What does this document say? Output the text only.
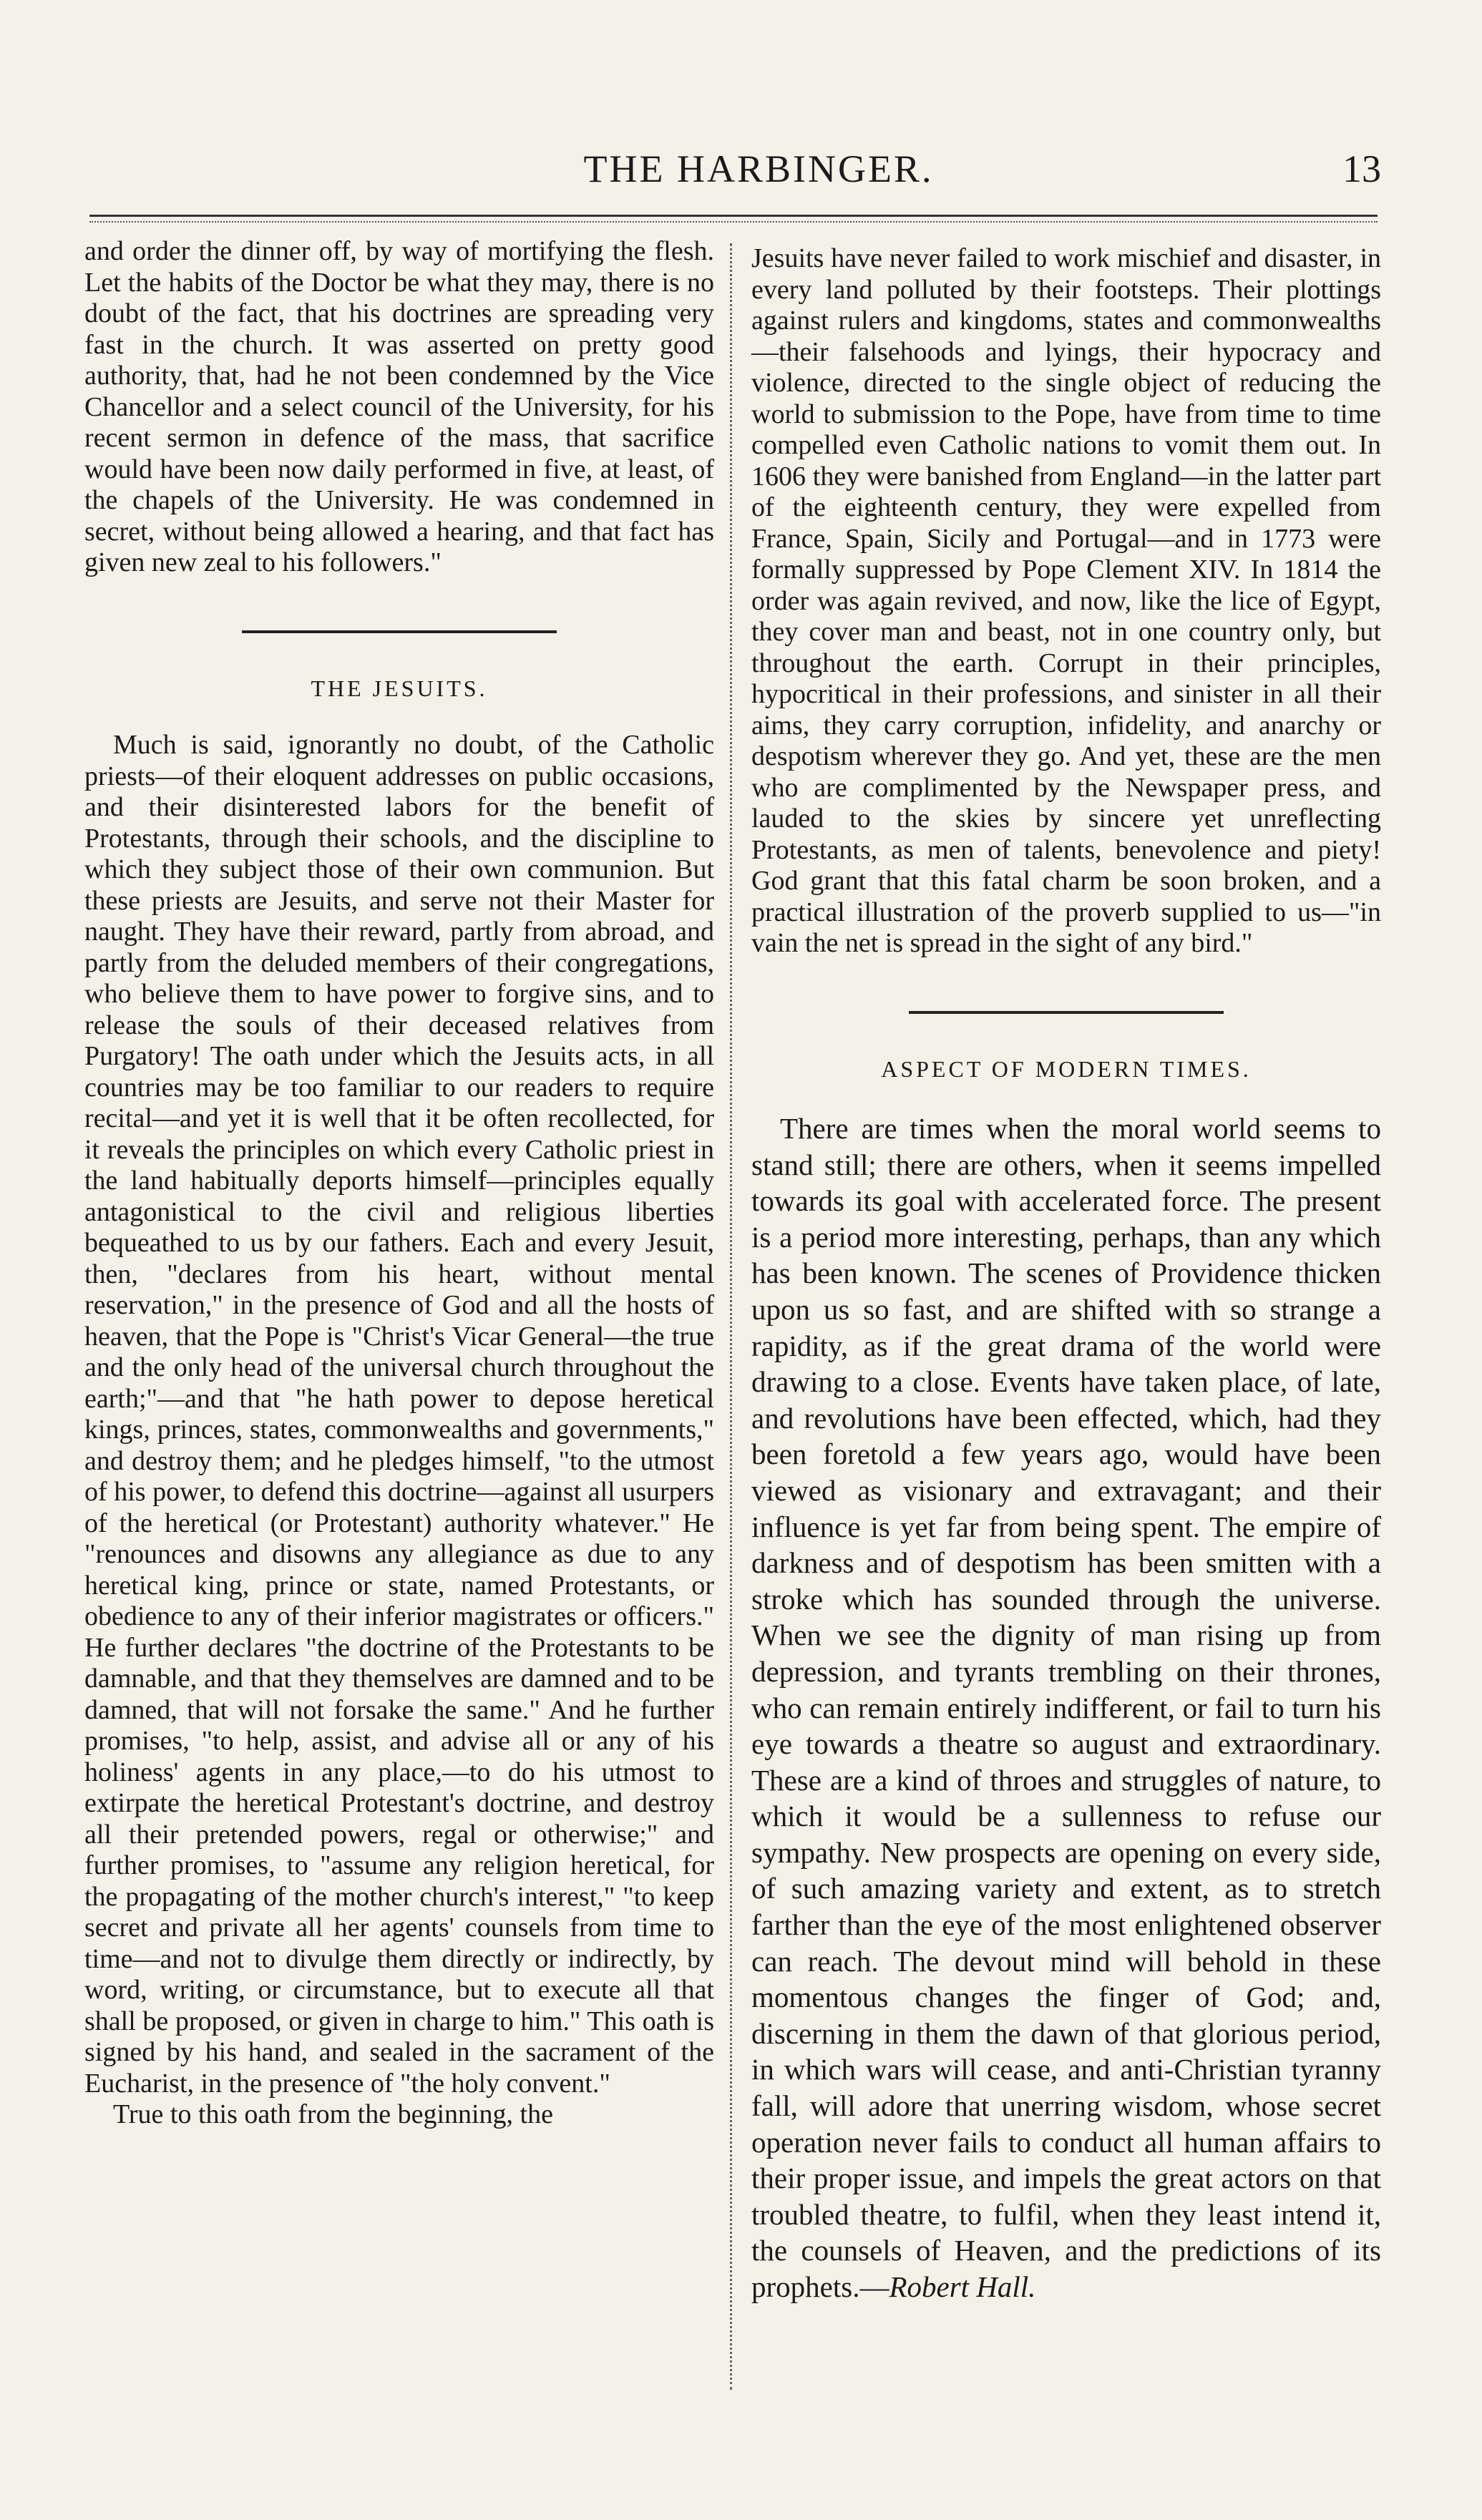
THE HARBINGER.	13

and order the dinner off, by way of mortifying the flesh. Let the habits of the Doctor be what they may, there is no doubt of the fact, that his doctrines are spreading very fast in the church. It was asserted on pretty good authority, that, had he not been condemned by the Vice Chancellor and a select council of the University, for his recent sermon in defence of the mass, that sacrifice would have been now daily performed in five, at least, of the chapels of the University. He was condemned in secret, without being allowed a hearing, and that fact has given new zeal to his followers."

THE JESUITS.

Much is said, ignorantly no doubt, of the Catholic priests—of their eloquent addresses on public occasions, and their disinterested labors for the benefit of Protestants, through their schools, and the discipline to which they subject those of their own communion. But these priests are Jesuits, and serve not their Master for naught. They have their reward, partly from abroad, and partly from the deluded members of their congregations, who believe them to have power to forgive sins, and to release the souls of their deceased relatives from Purgatory! The oath under which the Jesuits acts, in all countries may be too familiar to our readers to require recital—and yet it is well that it be often recollected, for it reveals the principles on which every Catholic priest in the land habitually deports himself—principles equally antagonistical to the civil and religious liberties bequeathed to us by our fathers. Each and every Jesuit, then, "declares from his heart, without mental reservation," in the presence of God and all the hosts of heaven, that the Pope is "Christ's Vicar General—the true and the only head of the universal church throughout the earth;"—and that "he hath power to depose heretical kings, princes, states, commonwealths and governments," and destroy them; and he pledges himself, "to the utmost of his power, to defend this doctrine—against all usurpers of the heretical (or Protestant) authority whatever." He "renounces and disowns any allegiance as due to any heretical king, prince or state, named Protestants, or obedience to any of their inferior magistrates or officers." He further declares "the doctrine of the Protestants to be damnable, and that they themselves are damned and to be damned, that will not forsake the same." And he further promises, "to help, assist, and advise all or any of his holiness' agents in any place,—to do his utmost to extirpate the heretical Protestant's doctrine, and destroy all their pretended powers, regal or otherwise;" and further promises, to "assume any religion heretical, for the propagating of the mother church's interest," "to keep secret and private all her agents' counsels from time to time—and not to divulge them directly or indirectly, by word, writing, or circumstance, but to execute all that shall be proposed, or given in charge to him." This oath is signed by his hand, and sealed in the sacrament of the Eucharist, in the presence of "the holy convent."

True to this oath from the beginning, the

Jesuits have never failed to work mischief and disaster, in every land polluted by their footsteps. Their plottings against rulers and kingdoms, states and commonwealths—their falsehoods and lyings, their hypocracy and violence, directed to the single object of reducing the world to submission to the Pope, have from time to time compelled even Catholic nations to vomit them out. In 1606 they were banished from England—in the latter part of the eighteenth century, they were expelled from France, Spain, Sicily and Portugal—and in 1773 were formally suppressed by Pope Clement XIV. In 1814 the order was again revived, and now, like the lice of Egypt, they cover man and beast, not in one country only, but throughout the earth. Corrupt in their principles, hypocritical in their professions, and sinister in all their aims, they carry corruption, infidelity, and anarchy or despotism wherever they go. And yet, these are the men who are complimented by the Newspaper press, and lauded to the skies by sincere yet unreflecting Protestants, as men of talents, benevolence and piety! God grant that this fatal charm be soon broken, and a practical illustration of the proverb supplied to us—"in vain the net is spread in the sight of any bird."

ASPECT OF MODERN TIMES.

There are times when the moral world seems to stand still; there are others, when it seems impelled towards its goal with accelerated force. The present is a period more interesting, perhaps, than any which has been known. The scenes of Providence thicken upon us so fast, and are shifted with so strange a rapidity, as if the great drama of the world were drawing to a close. Events have taken place, of late, and revolutions have been effected, which, had they been foretold a few years ago, would have been viewed as visionary and extravagant; and their influence is yet far from being spent. The empire of darkness and of despotism has been smitten with a stroke which has sounded through the universe. When we see the dignity of man rising up from depression, and tyrants trembling on their thrones, who can remain entirely indifferent, or fail to turn his eye towards a theatre so august and extraordinary. These are a kind of throes and struggles of nature, to which it would be a sullenness to refuse our sympathy. New prospects are opening on every side, of such amazing variety and extent, as to stretch farther than the eye of the most enlightened observer can reach. The devout mind will behold in these momentous changes the finger of God; and, discerning in them the dawn of that glorious period, in which wars will cease, and anti-Christian tyranny fall, will adore that unerring wisdom, whose secret operation never fails to conduct all human affairs to their proper issue, and impels the great actors on that troubled theatre, to fulfil, when they least intend it, the counsels of Heaven, and the predictions of its prophets.—Robert Hall.
